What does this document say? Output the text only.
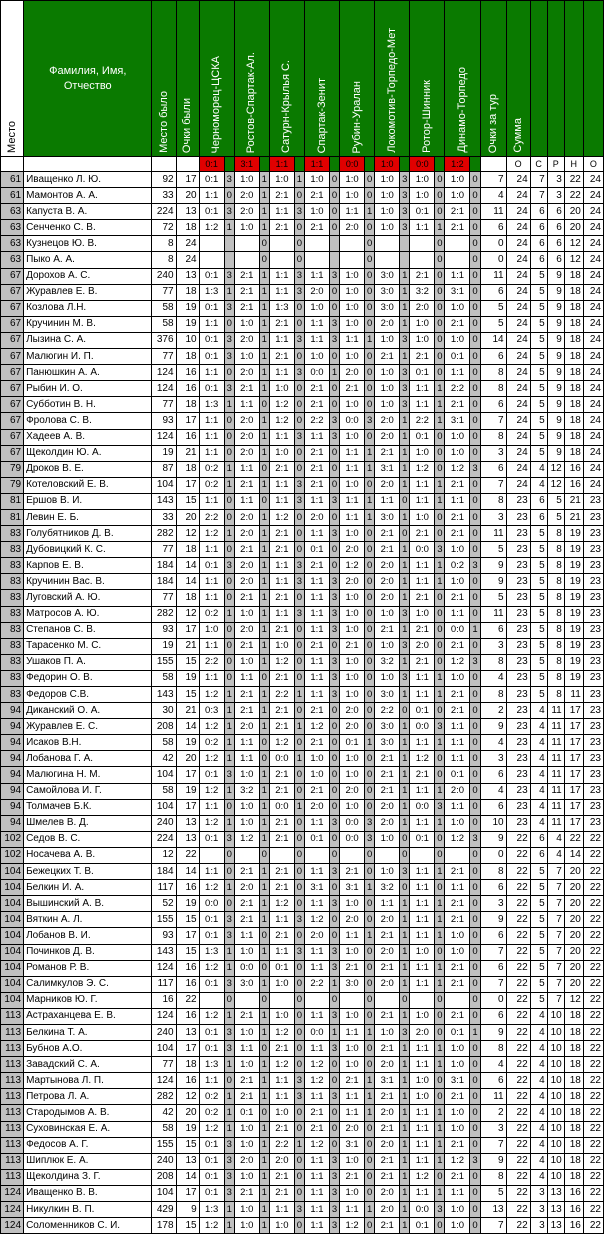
Место	Фамилия, Имя, Отчество	Место было	Очки были	Черноморец-ЦСКА		Ростов-Спартак-Ал.		Сатурн-Крылья С.		Спартак-Зенит		Рубин-Уралан		Локомотив-Торпедо-Мет		Ротор-Шинник		Динамо-Торпедо		Очки за тур	Сумма				

				0:1		3:1		1:1		1:1		0:0		1:0		0:0		1:2			О	С	Р	Н	О
61	Иващенко Л. Ю.	92	17	0:1	3	1:0	1	1:0	1	1:0	0	1:0	0	1:0	3	1:0	0	1:0	0	7	24	7	3	22	24
61	Мамонтов А. А.	33	20	1:1	0	2:0	1	2:1	0	2:1	0	1:0	0	1:0	3	1:0	0	1:0	0	4	24	7	3	22	24
63	Капуста В. А.	224	13	0:1	3	2:0	1	1:1	3	1:0	0	1:1	1	1:0	3	0:1	0	2:1	0	11	24	6	6	20	24
63	Сенченко С. В.	72	18	1:2	1	1:0	1	2:1	0	2:1	0	2:0	0	1:0	3	1:1	1	2:1	0	6	24	6	6	20	24
63	Кузнецов Ю. В.	8	24				0		0				0				0		0	0	24	6	6	12	24
63	Пыко А. А.	8	24				0		0				0				0		0	0	24	6	6	12	24
67	Дорохов А. С.	240	13	0:1	3	2:1	1	1:1	3	1:1	3	1:0	0	3:0	1	2:1	0	1:1	0	11	24	5	9	18	24
67	Журавлев Е. В.	77	18	1:3	1	2:1	1	1:1	3	2:0	0	1:0	0	3:0	1	3:2	0	3:1	0	6	24	5	9	18	24
67	Козлова Л.Н.	58	19	0:1	3	2:1	1	1:3	0	1:0	0	1:0	0	3:0	1	2:0	0	1:0	0	5	24	5	9	18	24
67	Кручинин М. В.	58	19	1:1	0	1:0	1	2:1	0	1:1	3	1:0	0	2:0	1	1:0	0	2:1	0	5	24	5	9	18	24
67	Лызина С. А.	376	10	0:1	3	2:0	1	1:1	3	1:1	3	1:1	1	1:0	3	1:0	0	1:0	0	14	24	5	9	18	24
67	Малюгин И. П.	77	18	0:1	3	1:0	1	2:1	0	1:0	0	1:0	0	2:1	1	2:1	0	0:1	0	6	24	5	9	18	24
67	Панюшкин А. А.	124	16	1:1	0	2:0	1	1:1	3	0:0	1	2:0	0	1:0	3	0:1	0	1:1	0	8	24	5	9	18	24
67	Рыбин И. О.	124	16	0:1	3	2:1	1	1:0	0	2:1	0	2:1	0	1:0	3	1:1	1	2:2	0	8	24	5	9	18	24
67	Субботин В. Н.	77	18	1:3	1	1:1	0	1:2	0	2:1	0	1:0	0	1:0	3	1:1	1	2:1	0	6	24	5	9	18	24
67	Фролова С. В.	93	17	1:1	0	2:0	1	1:2	0	2:2	3	0:0	3	2:0	1	2:2	1	3:1	0	7	24	5	9	18	24
67	Хадеев А. В.	124	16	1:1	0	2:0	1	1:1	3	1:1	3	1:0	0	2:0	1	0:1	0	1:0	0	8	24	5	9	18	24
67	Щеколдин Ю. А.	19	21	1:1	0	2:0	1	1:0	0	2:1	0	1:1	1	2:1	1	1:0	0	1:0	0	3	24	5	9	18	24
79	Дроков В. Е.	87	18	0:2	1	1:1	0	2:1	0	2:1	0	1:1	1	3:1	1	1:2	0	1:2	3	6	24	4	12	16	24
79	Котеловский Е. В.	104	17	0:2	1	2:1	1	1:1	3	2:1	0	1:0	0	2:0	1	1:1	1	2:1	0	7	24	4	12	16	24
81	Ершов В. И.	143	15	1:1	0	1:1	0	1:1	3	1:1	3	1:1	1	1:1	0	1:1	1	1:1	0	8	23	6	5	21	23
81	Левин Е. Б.	33	20	2:2	0	2:0	1	1:2	0	2:0	0	1:1	1	3:0	1	1:0	0	2:1	0	3	23	6	5	21	23
83	Голубятников Д. В.	282	12	1:2	1	2:0	1	2:1	0	1:1	3	1:0	0	2:1	0	2:1	0	2:1	0	11	23	5	8	19	23
83	Дубовицкий К. С.	77	18	1:1	0	2:1	1	2:1	0	0:1	0	2:0	0	2:1	1	0:0	3	1:0	0	5	23	5	8	19	23
83	Карпов Е. В.	184	14	0:1	3	2:0	1	1:1	3	2:1	0	1:2	0	2:0	1	1:1	1	0:2	3	9	23	5	8	19	23
83	Кручинин Вас. В.	184	14	1:1	0	2:0	1	1:1	3	1:1	3	2:0	0	2:0	1	1:1	1	1:0	0	9	23	5	8	19	23
83	Луговский А. Ю.	77	18	1:1	0	2:1	1	2:1	0	1:1	3	1:0	0	2:0	1	2:1	0	2:1	0	5	23	5	8	19	23
83	Матросов А. Ю.	282	12	0:2	1	1:0	1	1:1	3	1:1	3	1:0	0	1:0	3	1:0	0	1:1	0	11	23	5	8	19	23
83	Степанов С. В.	93	17	1:0	0	2:0	1	2:1	0	1:1	3	1:0	0	2:1	1	2:1	0	0:0	1	6	23	5	8	19	23
83	Тарасенко М. С.	19	21	1:1	0	2:1	1	1:0	0	2:1	0	2:1	0	1:0	3	2:0	0	2:1	0	3	23	5	8	19	23
83	Ушаков П. А.	155	15	2:2	0	1:0	1	1:2	0	1:1	3	1:0	0	3:2	1	2:1	0	1:2	3	8	23	5	8	19	23
83	Федорин О. В.	58	19	1:1	0	1:1	0	2:1	0	1:1	3	1:0	0	1:0	3	1:1	1	1:0	0	4	23	5	8	19	23
83	Федоров С.В.	143	15	1:2	1	2:1	1	2:2	1	1:1	3	1:0	0	3:0	1	1:1	1	2:1	0	8	23	5	8	11	23
94	Диканский О. А.	30	21	0:3	1	2:1	1	2:1	0	2:1	0	2:0	0	2:2	0	0:1	0	2:1	0	2	23	4	11	17	23
94	Журавлев Е. С.	208	14	1:2	1	2:0	1	2:1	1	1:2	0	2:0	0	3:0	1	0:0	3	1:1	0	9	23	4	11	17	23
94	Исаков В.Н.	58	19	0:2	1	1:1	0	1:2	0	2:1	0	0:1	1	3:0	1	1:1	1	1:1	0	4	23	4	11	17	23
94	Лобанова Г. А.	42	20	1:2	1	1:1	0	0:0	1	1:0	0	1:0	0	2:1	1	1:2	0	1:1	0	3	23	4	11	17	23
94	Малюгина Н. М.	104	17	0:1	3	1:0	1	2:1	0	1:0	0	1:0	0	2:1	1	2:1	0	0:1	0	6	23	4	11	17	23
94	Самойлова И. Г.	58	19	1:2	1	3:2	1	2:1	0	2:1	0	2:0	0	2:1	1	1:1	1	2:0	0	4	23	4	11	17	23
94	Толмачев Б.К.	104	17	1:1	0	1:0	1	0:0	1	2:0	0	1:0	0	2:0	1	0:0	3	1:1	0	6	23	4	11	17	23
94	Шмелев В. Д.	240	13	1:2	1	1:0	1	2:1	0	1:1	3	0:0	3	2:0	1	1:1	1	1:0	0	10	23	4	11	17	23
102	Седов В. С.	224	13	0:1	3	1:2	1	2:1	0	0:1	0	0:0	3	1:0	0	0:1	0	1:2	3	9	22	6	4	22	22
102	Носачева А. В.	12	22		0		0		0		0		0		0		0		0	0	22	6	4	14	22
104	Бежецких Т. В.	184	14	1:1	0	2:1	1	2:1	0	1:1	3	2:1	0	1:0	3	1:1	1	2:1	0	8	22	5	7	20	22
104	Белкин И. А.	117	16	1:2	1	2:0	1	2:1	0	3:1	0	3:1	1	3:2	0	1:1	0	1:1	0	6	22	5	7	20	22
104	Вышинский А. В.	52	19	0:0	0	2:1	1	1:2	0	1:1	3	1:0	0	1:1	1	1:1	1	2:1	0	3	22	5	7	20	22
104	Вяткин А. Л.	155	15	0:1	3	2:1	1	1:1	3	1:2	0	2:0	0	2:0	1	1:1	1	2:1	0	9	22	5	7	20	22
104	Лобанов В. И.	93	17	0:1	3	1:1	0	2:1	0	2:0	0	1:1	1	2:1	1	1:1	1	1:0	0	6	22	5	7	20	22
104	Починков Д. В.	143	15	1:3	1	1:0	1	1:1	3	1:1	3	1:0	0	2:0	1	1:0	0	1:0	0	7	22	5	7	20	22
104	Романов Р. В.	124	16	1:2	1	0:0	0	0:1	0	1:1	3	2:1	0	2:1	1	1:1	1	2:1	0	6	22	5	7	20	22
104	Салимкулов Э. С.	117	16	0:1	3	3:0	1	1:0	0	2:2	1	3:0	0	2:0	1	1:1	1	2:1	0	7	22	5	7	20	22
104	Марников Ю. Г.	16	22		0		0		0		0		0		0		0		0	0	22	5	7	12	22
113	Астраханцева Е. В.	124	16	1:2	1	2:1	1	1:0	0	1:1	3	1:0	0	2:1	1	1:0	0	2:1	0	6	22	4	10	18	22
113	Белкина Т. А.	240	13	0:1	3	1:0	1	1:2	0	0:0	1	1:1	1	1:0	3	2:0	0	0:1	1	9	22	4	10	18	22
113	Бубнов А.О.	104	17	0:1	3	1:1	0	2:1	0	1:1	3	1:0	0	2:1	1	1:1	1	1:0	0	8	22	4	10	18	22
113	Завадский С. А.	77	18	1:3	1	1:0	1	1:2	0	1:2	0	1:0	0	2:0	1	1:1	1	1:0	0	4	22	4	10	18	22
113	Мартынова Л. П.	124	16	1:1	0	2:1	1	1:1	3	1:2	0	2:1	1	3:1	1	1:0	0	3:1	0	6	22	4	10	18	22
113	Петрова Л. А.	282	12	0:2	1	2:1	1	1:1	3	1:1	3	1:1	1	2:1	1	1:0	0	2:1	0	11	22	4	10	18	22
113	Стародымов А. В.	42	20	0:2	1	0:1	0	1:0	0	2:1	0	1:1	1	2:0	1	1:1	1	1:0	0	2	22	4	10	18	22
113	Суховинская Е. А.	58	19	1:2	1	1:0	1	2:1	0	2:1	0	2:0	0	2:1	1	1:1	1	1:0	0	3	22	4	10	18	22
113	Федосов А. Г.	155	15	0:1	3	1:0	1	2:2	1	1:2	0	3:1	0	2:0	1	1:1	1	2:1	0	7	22	4	10	18	22
113	Шиплюк Е. А.	240	13	0:1	3	2:0	1	2:0	0	1:1	3	1:0	0	2:1	1	1:1	1	1:2	3	9	22	4	10	18	22
113	Щеколдина З. Г.	208	14	0:1	3	1:0	1	2:1	0	1:1	3	2:1	0	2:1	1	1:2	0	2:1	0	8	22	4	10	18	22
124	Иващенко В. В.	104	17	0:1	3	2:1	1	2:1	0	1:1	3	1:0	0	2:0	1	1:1	1	1:1	0	5	22	3	13	16	22
124	Никулкин В. П.	429	9	1:3	1	1:0	1	1:1	3	1:1	3	1:1	1	2:0	1	0:0	3	1:0	0	13	22	3	13	16	22
124	Соломенников С. И.	178	15	1:2	1	1:0	1	1:0	0	1:1	3	1:2	0	2:1	1	0:1	0	1:0	0	7	22	3	13	16	22
